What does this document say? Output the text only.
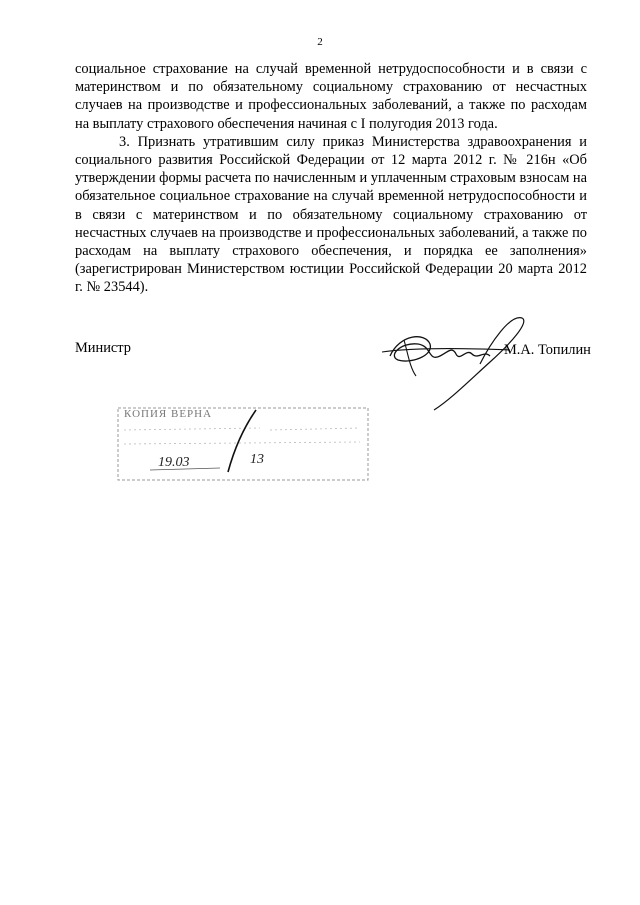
2

социальное страхование на случай временной нетрудоспособности и в связи с материнством и по обязательному социальному страхованию от несчастных случаев на производстве и профессиональных заболеваний, а также по расходам на выплату страхового обеспечения начиная с I полугодия 2013 года.

3. Признать утратившим силу приказ Министерства здравоохранения и социального развития Российской Федерации от 12 марта 2012 г. № 216н «Об утверждении формы расчета по начисленным и уплаченным страховым взносам на обязательное социальное страхование на случай временной нетрудоспособности и в связи с материнством и по обязательному социальному страхованию от несчастных случаев на производстве и профессиональных заболеваний, а также по расходам на выплату страхового обеспечения, и порядка ее заполнения» (зарегистрирован Министерством юстиции Российской Федерации 20 марта 2012 г. № 23544).

Министр	М.А. Топилин
КОПИЯ ВЕРНА
19.03	13
